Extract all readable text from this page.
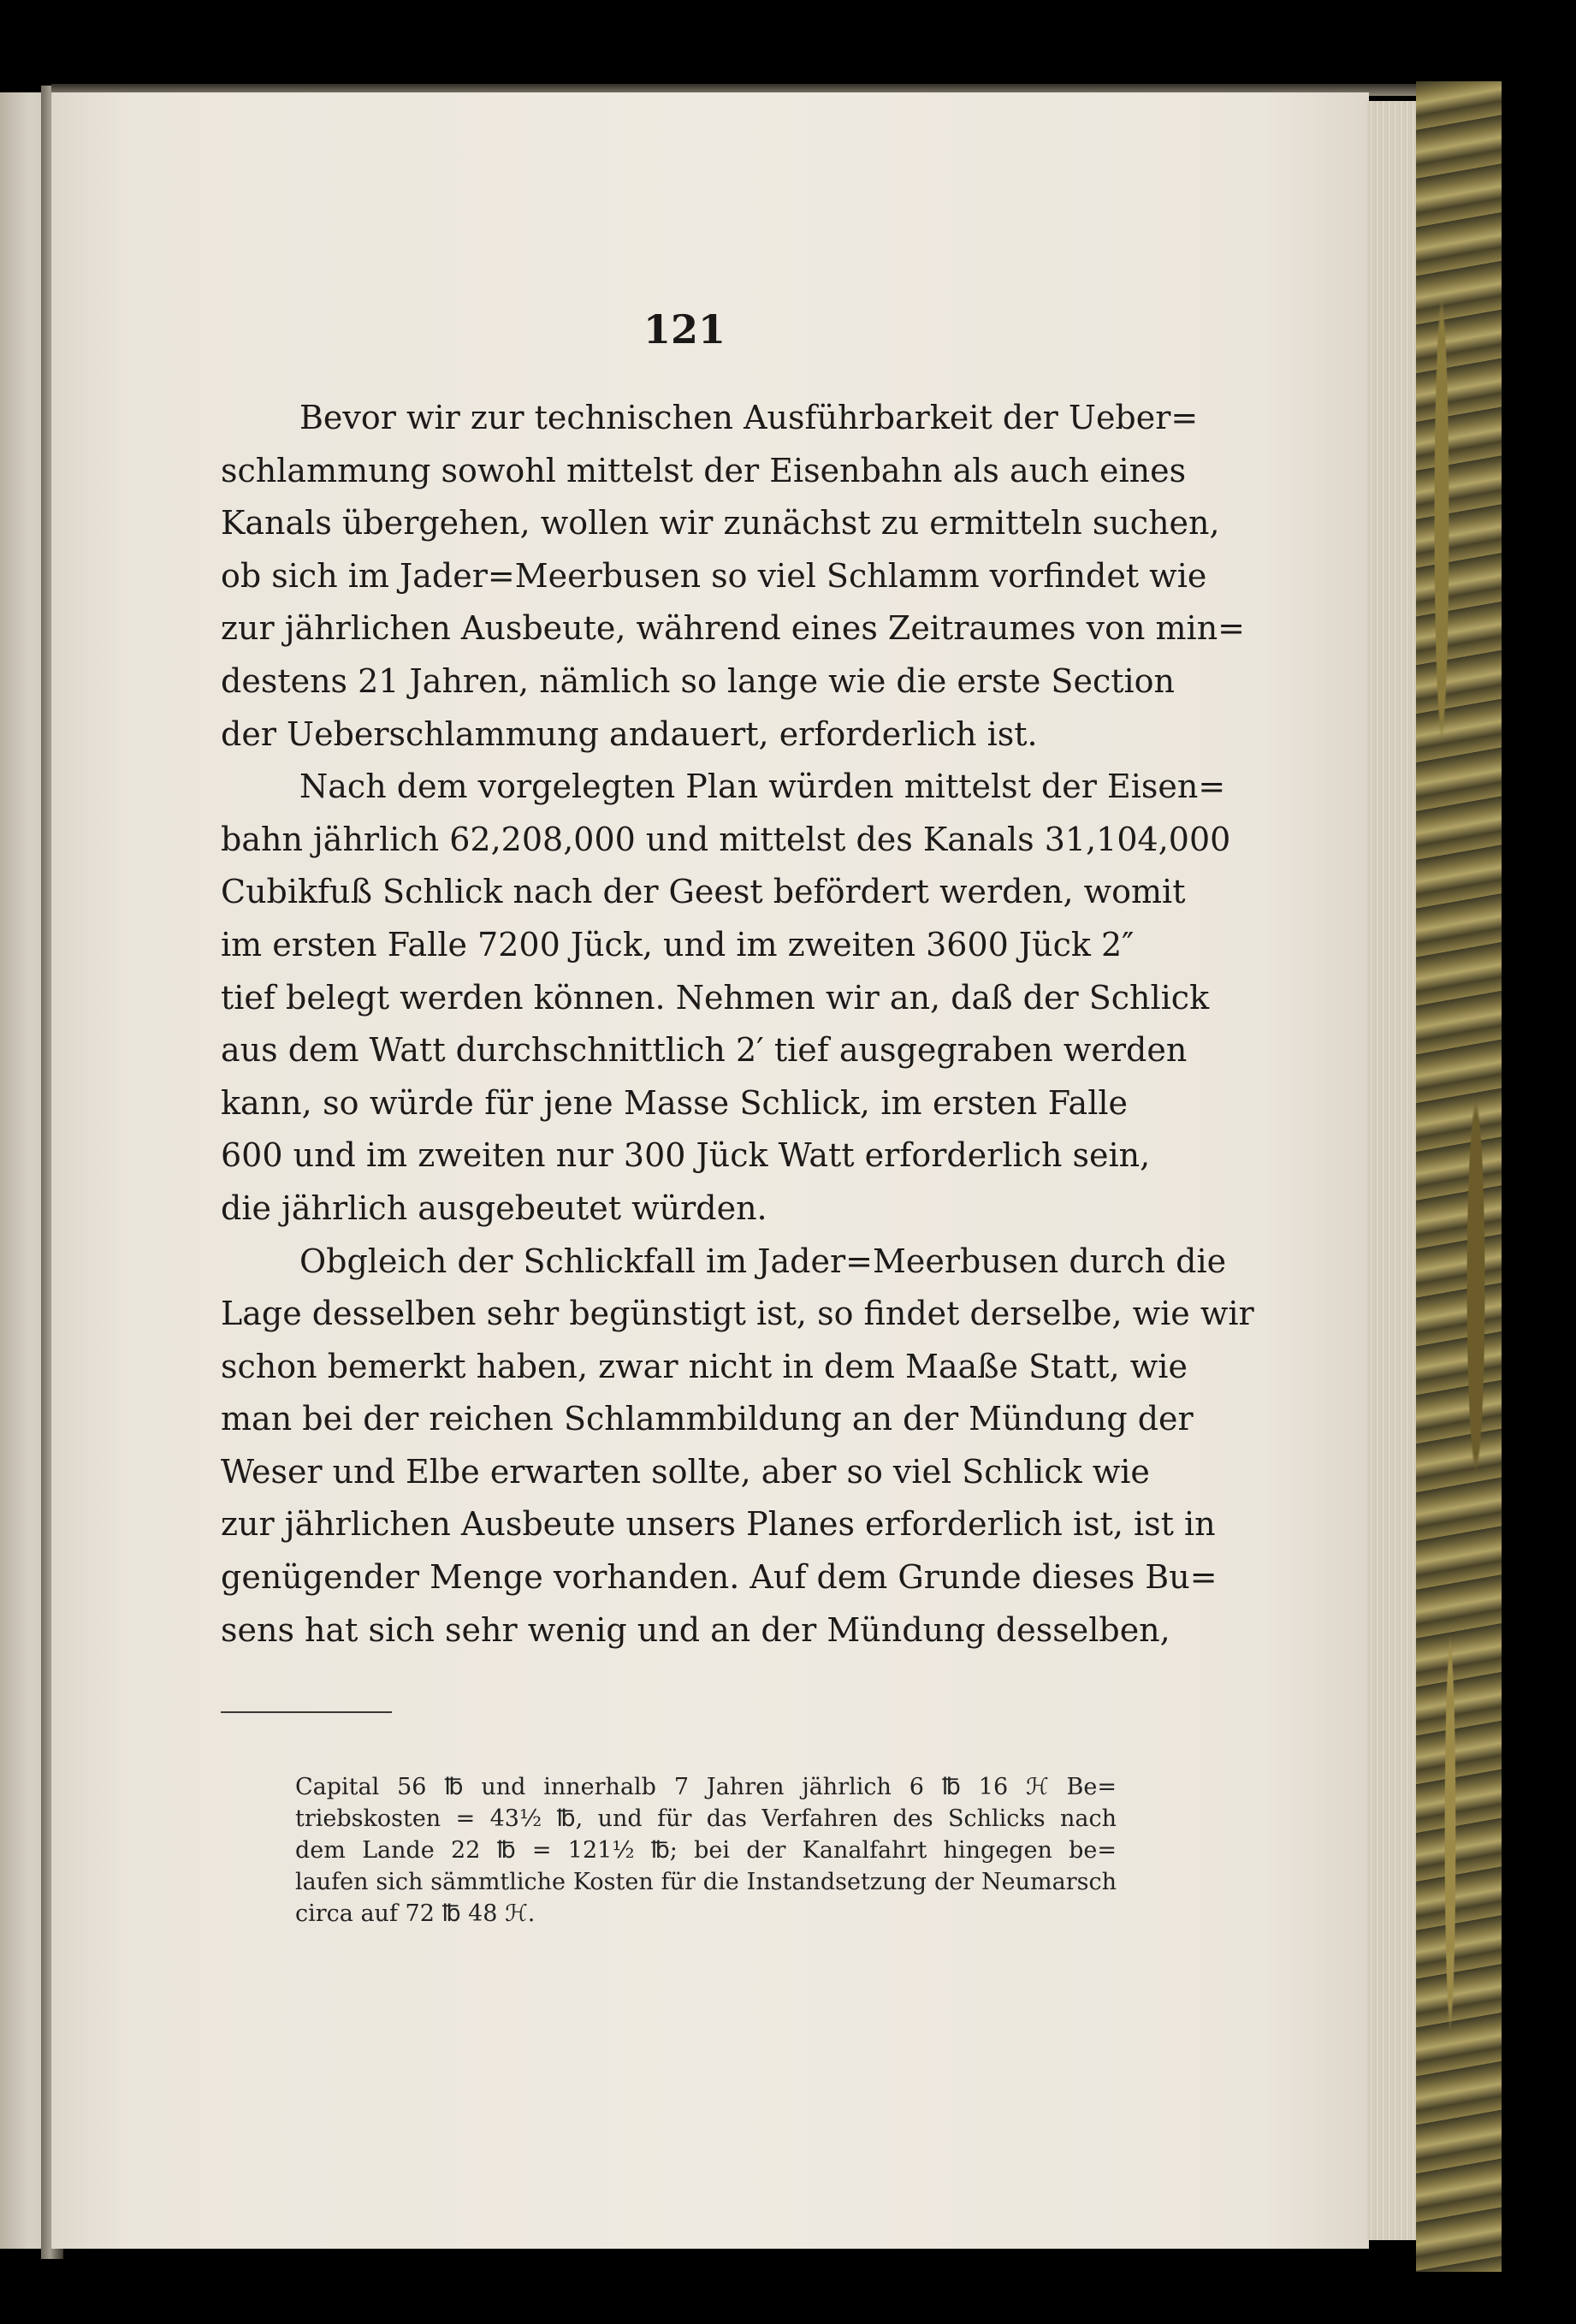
121
Bevor wir zur technischen Ausführbarkeit der Ueber=
schlammung sowohl mittelst der Eisenbahn als auch eines
Kanals übergehen, wollen wir zunächst zu ermitteln suchen,
ob sich im Jader=Meerbusen so viel Schlamm vorfindet wie
zur jährlichen Ausbeute, während eines Zeitraumes von min=
destens 21 Jahren, nämlich so lange wie die erste Section
der Ueberschlammung andauert, erforderlich ist.
Nach dem vorgelegten Plan würden mittelst der Eisen=
bahn jährlich 62,208,000 und mittelst des Kanals 31,104,000
Cubikfuß Schlick nach der Geest befördert werden, womit
im ersten Falle 7200 Jück, und im zweiten 3600 Jück 2″
tief belegt werden können. Nehmen wir an, daß der Schlick
aus dem Watt durchschnittlich 2′ tief ausgegraben werden
kann, so würde für jene Masse Schlick, im ersten Falle
600 und im zweiten nur 300 Jück Watt erforderlich sein,
die jährlich ausgebeutet würden.
Obgleich der Schlickfall im Jader=Meerbusen durch die
Lage desselben sehr begünstigt ist, so findet derselbe, wie wir
schon bemerkt haben, zwar nicht in dem Maaße Statt, wie
man bei der reichen Schlammbildung an der Mündung der
Weser und Elbe erwarten sollte, aber so viel Schlick wie
zur jährlichen Ausbeute unsers Planes erforderlich ist, ist in
genügender Menge vorhanden. Auf dem Grunde dieses Bu=
sens hat sich sehr wenig und an der Mündung desselben,
Capital 56 ℔ und innerhalb 7 Jahren jährlich 6 ℔ 16 ℋ Be=
triebskosten = 43½ ℔, und für das Verfahren des Schlicks nach
dem Lande 22 ℔ = 121½ ℔; bei der Kanalfahrt hingegen be=
laufen sich sämmtliche Kosten für die Instandsetzung der Neumarsch
circa auf 72 ℔ 48 ℋ.
